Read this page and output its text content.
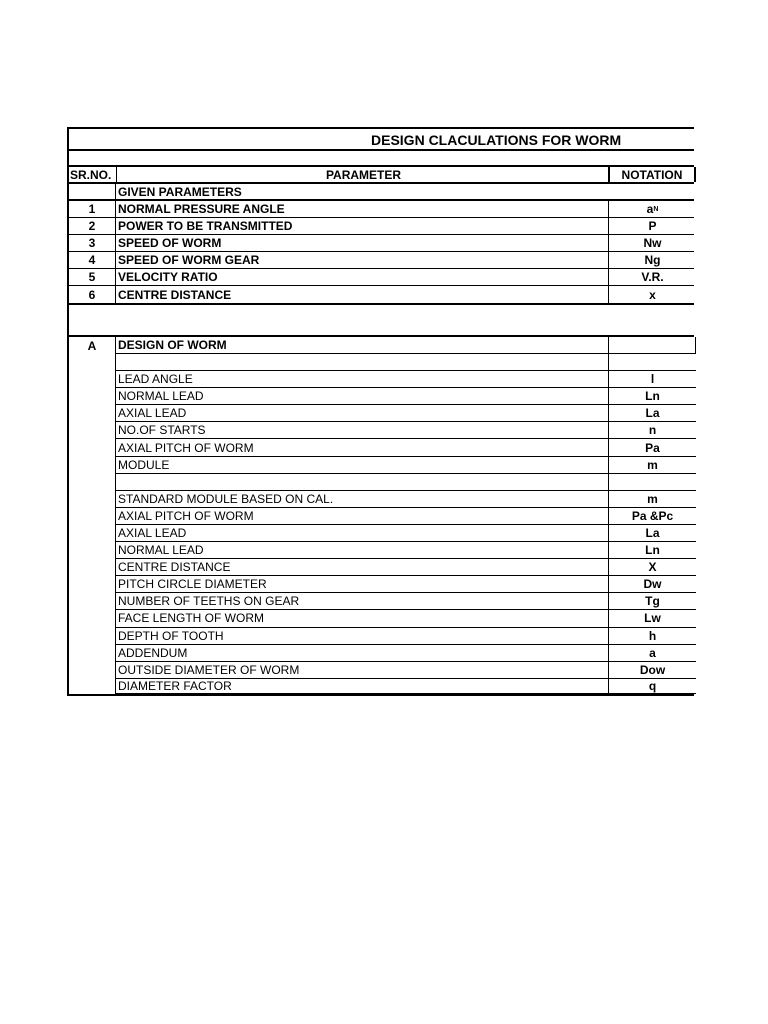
DESIGN CLACULATIONS FOR WORM
SR.NO.	PARAMETER	NOTATION
GIVEN PARAMETERS
1	NORMAL PRESSURE ANGLE	a N
2	POWER TO BE TRANSMITTED	P
3	SPEED OF WORM	Nw
4	SPEED OF WORM GEAR	Ng
5	VELOCITY RATIO	V.R.
6	CENTRE DISTANCE	x
A	DESIGN OF WORM
LEAD ANGLE	l
NORMAL LEAD	Ln
AXIAL LEAD	La
NO.OF STARTS	n
AXIAL PITCH OF WORM	Pa
MODULE	m
STANDARD MODULE BASED ON CAL.	m
AXIAL PITCH OF WORM	Pa &Pc
AXIAL LEAD	La
NORMAL LEAD	Ln
CENTRE DISTANCE	X
PITCH CIRCLE DIAMETER	Dw
NUMBER OF TEETHS ON GEAR	Tg
FACE LENGTH OF WORM	Lw
DEPTH OF TOOTH	h
ADDENDUM	a
OUTSIDE DIAMETER OF WORM	Dow
DIAMETER FACTOR	q
